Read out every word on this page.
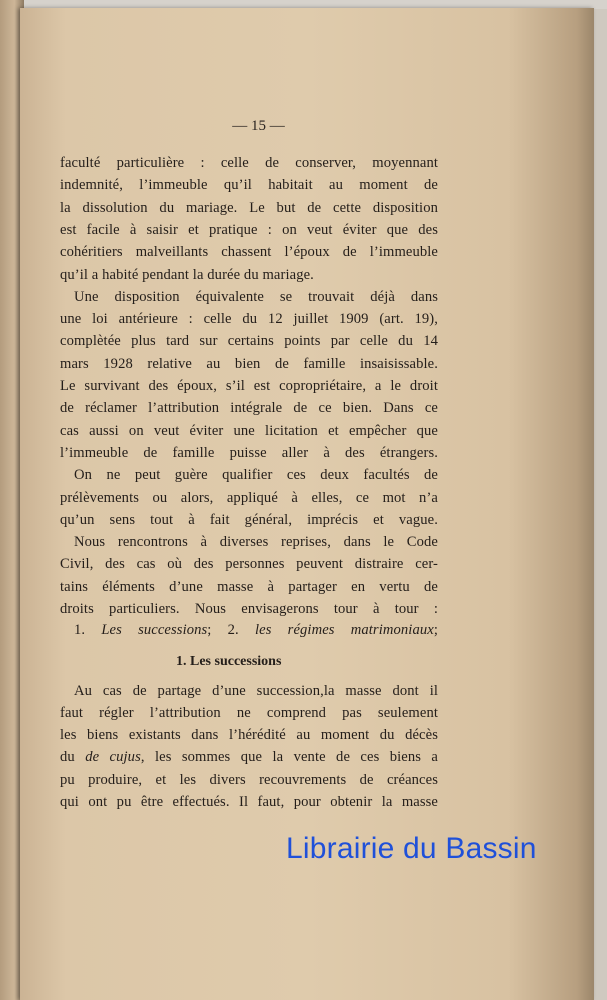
— 15 —
faculté particulière : celle de conserver, moyennant
indemnité, l’immeuble qu’il habitait au moment de
la dissolution du mariage. Le but de cette disposition
est facile à saisir et pratique : on veut éviter que des
cohéritiers malveillants chassent l’époux de l’immeuble
qu’il a habité pendant la durée du mariage.
Une disposition équivalente se trouvait déjà dans
une loi antérieure : celle du 12 juillet 1909 (art. 19),
complètée plus tard sur certains points par celle du 14
mars 1928 relative au bien de famille insaisissable.
Le survivant des époux, s’il est copropriétaire, a le droit
de réclamer l’attribution intégrale de ce bien. Dans ce
cas aussi on veut éviter une licitation et empêcher que
l’immeuble de famille puisse aller à des étrangers.
On ne peut guère qualifier ces deux facultés de
prélèvements ou alors, appliqué à elles, ce mot n’a
qu’un sens tout à fait général, imprécis et vague.
Nous rencontrons à diverses reprises, dans le Code
Civil, des cas où des personnes peuvent distraire cer-
tains éléments d’une masse à partager en vertu de
droits particuliers. Nous envisagerons tour à tour :
Au cas de partage d’une succession,la masse dont il
faut régler l’attribution ne comprend pas seulement
les biens existants dans l’hérédité au moment du décès
pu produire, et les divers recouvrements de créances
qui ont pu être effectués. Il faut, pour obtenir la masse
1. Les successions; 2. les régimes matrimoniaux;
1. Les successions
du de cujus, les sommes que la vente de ces biens a
Librairie du Bassin
